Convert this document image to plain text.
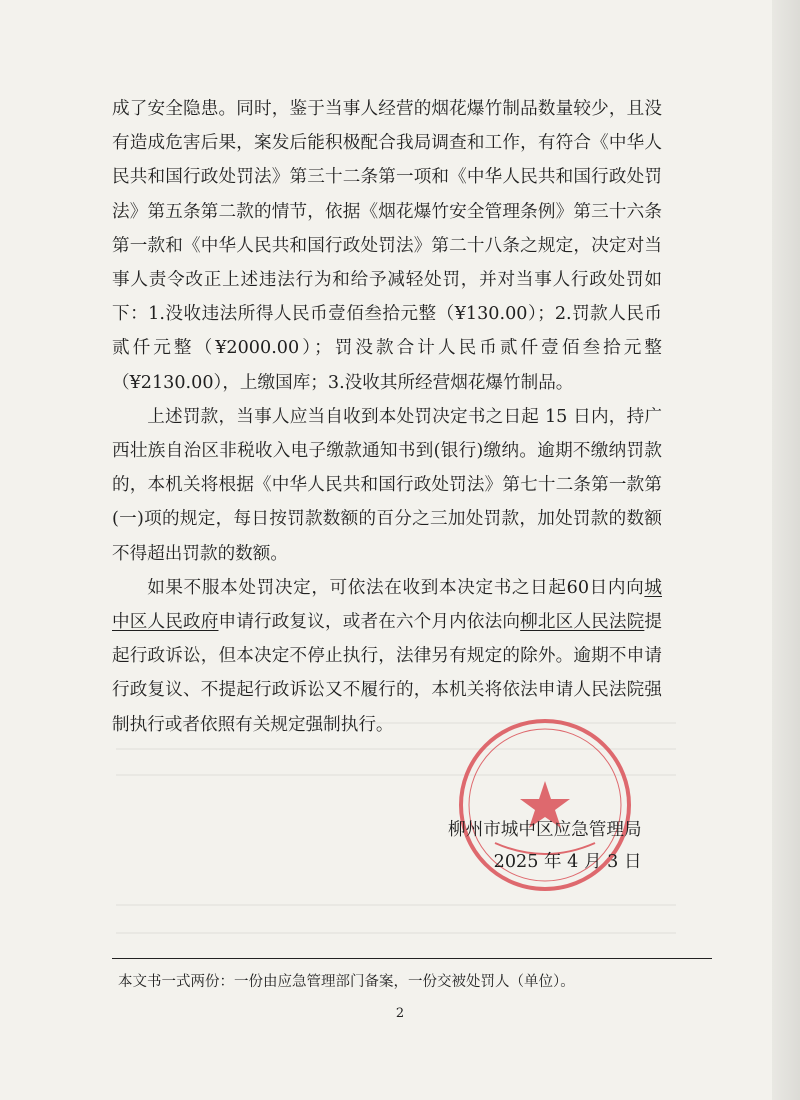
成了安全隐患。同时，鉴于当事人经营的烟花爆竹制品数量较少，且没有造成危害后果，案发后能积极配合我局调查和工作，有符合《中华人民共和国行政处罚法》第三十二条第一项和《中华人民共和国行政处罚法》第五条第二款的情节，依据《烟花爆竹安全管理条例》第三十六条第一款和《中华人民共和国行政处罚法》第二十八条之规定，决定对当事人责令改正上述违法行为和给予减轻处罚，并对当事人行政处罚如下：1.没收违法所得人民币壹佰叁拾元整（¥130.00）；2.罚款人民币贰仟元整（¥2000.00）；罚没款合计人民币贰仟壹佰叁拾元整（¥2130.00），上缴国库；3.没收其所经营烟花爆竹制品。

上述罚款，当事人应当自收到本处罚决定书之日起 15 日内，持广西壮族自治区非税收入电子缴款通知书到(银行)缴纳。逾期不缴纳罚款的，本机关将根据《中华人民共和国行政处罚法》第七十二条第一款第(一)项的规定，每日按罚款数额的百分之三加处罚款，加处罚款的数额不得超出罚款的数额。

如果不服本处罚决定，可依法在收到本决定书之日起60日内向城中区人民政府申请行政复议，或者在六个月内依法向柳北区人民法院提起行政诉讼，但本决定不停止执行，法律另有规定的除外。逾期不申请行政复议、不提起行政诉讼又不履行的，本机关将依法申请人民法院强制执行或者依照有关规定强制执行。

柳州市城中区应急管理局
2025 年 4 月 3 日
本文书一式两份：一份由应急管理部门备案，一份交被处罚人（单位）。
2
